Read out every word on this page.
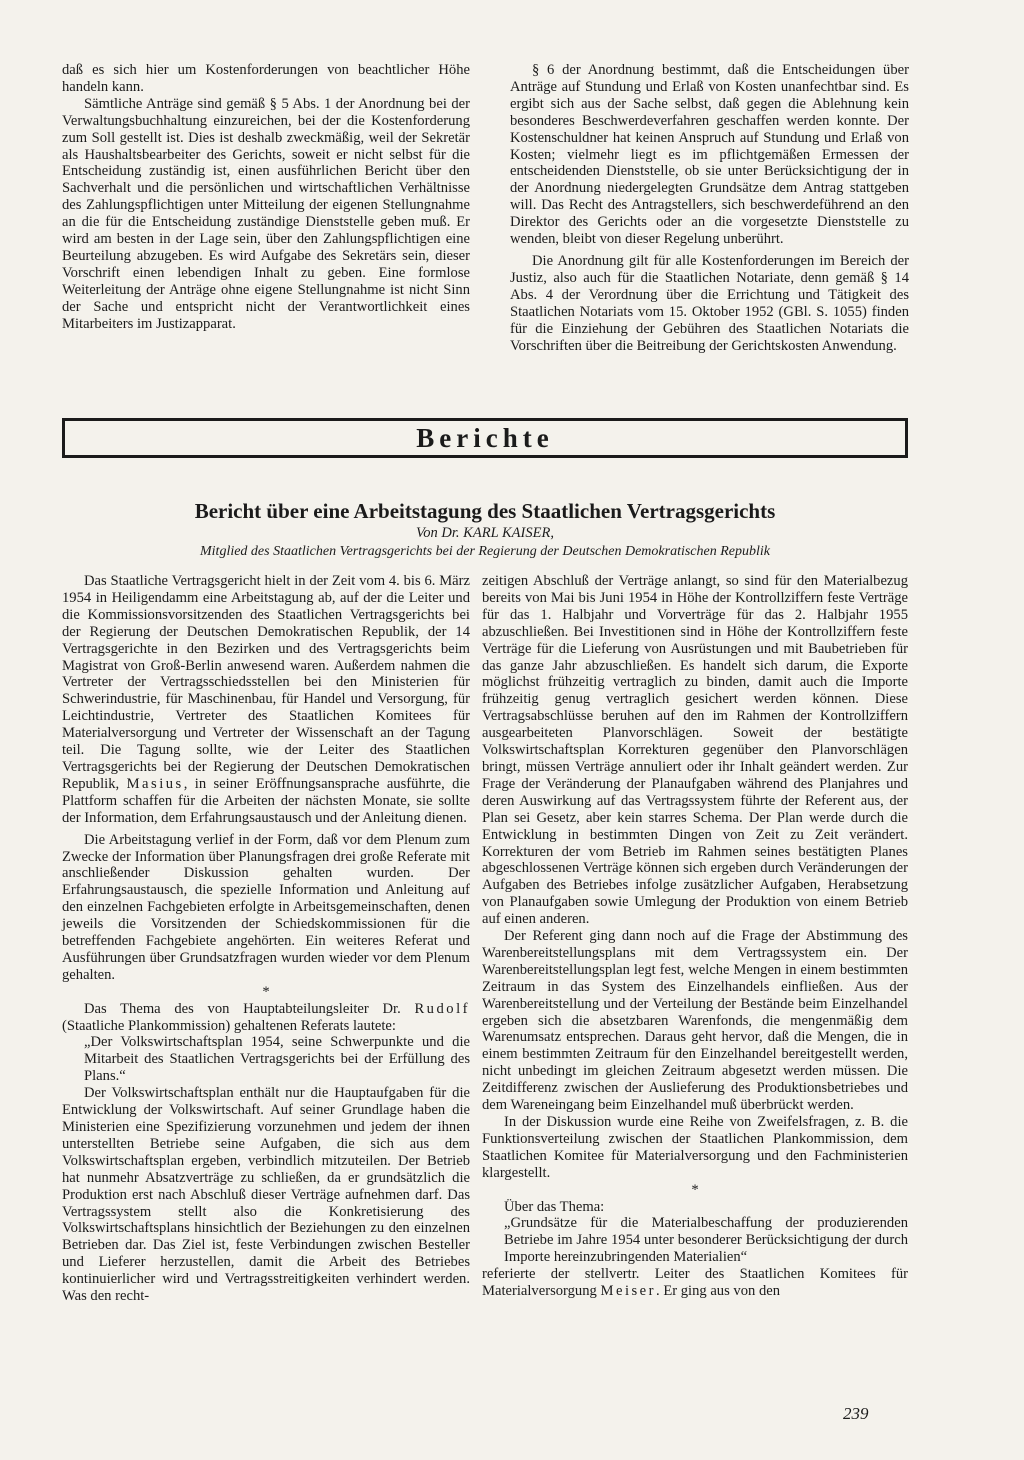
daß es sich hier um Kostenforderungen von beachtlicher Höhe handeln kann.

Sämtliche Anträge sind gemäß § 5 Abs. 1 der Anordnung bei der Verwaltungsbuchhaltung einzureichen, bei der die Kostenforderung zum Soll gestellt ist. Dies ist deshalb zweckmäßig, weil der Sekretär als Haushaltsbearbeiter des Gerichts, soweit er nicht selbst für die Entscheidung zuständig ist, einen ausführlichen Bericht über den Sachverhalt und die persönlichen und wirtschaftlichen Verhältnisse des Zahlungspflichtigen unter Mitteilung der eigenen Stellungnahme an die für die Entscheidung zuständige Dienststelle geben muß. Er wird am besten in der Lage sein, über den Zahlungspflichtigen eine Beurteilung abzugeben. Es wird Aufgabe des Sekretärs sein, dieser Vorschrift einen lebendigen Inhalt zu geben. Eine formlose Weiterleitung der Anträge ohne eigene Stellungnahme ist nicht Sinn der Sache und entspricht nicht der Verantwortlichkeit eines Mitarbeiters im Justizapparat.

§ 6 der Anordnung bestimmt, daß die Entscheidungen über Anträge auf Stundung und Erlaß von Kosten unanfechtbar sind. Es ergibt sich aus der Sache selbst, daß gegen die Ablehnung kein besonderes Beschwerdeverfahren geschaffen werden konnte. Der Kostenschuldner hat keinen Anspruch auf Stundung und Erlaß von Kosten; vielmehr liegt es im pflichtgemäßen Ermessen der entscheidenden Dienststelle, ob sie unter Berücksichtigung der in der Anordnung niedergelegten Grundsätze dem Antrag stattgeben will. Das Recht des Antragstellers, sich beschwerdeführend an den Direktor des Gerichts oder an die vorgesetzte Dienststelle zu wenden, bleibt von dieser Regelung unberührt.

Die Anordnung gilt für alle Kostenforderungen im Bereich der Justiz, also auch für die Staatlichen Notariate, denn gemäß § 14 Abs. 4 der Verordnung über die Errichtung und Tätigkeit des Staatlichen Notariats vom 15. Oktober 1952 (GBl. S. 1055) finden für die Einziehung der Gebühren des Staatlichen Notariats die Vorschriften über die Beitreibung der Gerichtskosten Anwendung.

Berichte
Bericht über eine Arbeitstagung des Staatlichen Vertragsgerichts
Von Dr. KARL KAISER,
Mitglied des Staatlichen Vertragsgerichts bei der Regierung der Deutschen Demokratischen Republik

Das Staatliche Vertragsgericht hielt in der Zeit vom 4. bis 6. März 1954 in Heiligendamm eine Arbeitstagung ab, auf der die Leiter und die Kommissionsvorsitzenden des Staatlichen Vertragsgerichts bei der Regierung der Deutschen Demokratischen Republik, der 14 Vertragsgerichte in den Bezirken und des Vertragsgerichts beim Magistrat von Groß-Berlin anwesend waren. Außerdem nahmen die Vertreter der Vertragsschiedsstellen bei den Ministerien für Schwerindustrie, für Maschinenbau, für Handel und Versorgung, für Leichtindustrie, Vertreter des Staatlichen Komitees für Materialversorgung und Vertreter der Wissenschaft an der Tagung teil. Die Tagung sollte, wie der Leiter des Staatlichen Vertragsgerichts bei der Regierung der Deutschen Demokratischen Republik, Masius, in seiner Eröffnungsansprache ausführte, die Plattform schaffen für die Arbeiten der nächsten Monate, sie sollte der Information, dem Erfahrungsaustausch und der Anleitung dienen.

Die Arbeitstagung verlief in der Form, daß vor dem Plenum zum Zwecke der Information über Planungsfragen drei große Referate mit anschließender Diskussion gehalten wurden. Der Erfahrungsaustausch, die spezielle Information und Anleitung auf den einzelnen Fachgebieten erfolgte in Arbeitsgemeinschaften, denen jeweils die Vorsitzenden der Schiedskommissionen für die betreffenden Fachgebiete angehörten. Ein weiteres Referat und Ausführungen über Grundsatzfragen wurden wieder vor dem Plenum gehalten.

*

Das Thema des von Hauptabteilungsleiter Dr. Rudolf (Staatliche Plankommission) gehaltenen Referats lautete:

„Der Volkswirtschaftsplan 1954, seine Schwerpunkte und die Mitarbeit des Staatlichen Vertragsgerichts bei der Erfüllung des Plans.“

Der Volkswirtschaftsplan enthält nur die Hauptaufgaben für die Entwicklung der Volkswirtschaft. Auf seiner Grundlage haben die Ministerien eine Spezifizierung vorzunehmen und jedem der ihnen unterstellten Betriebe seine Aufgaben, die sich aus dem Volkswirtschaftsplan ergeben, verbindlich mitzuteilen. Der Betrieb hat nunmehr Absatzverträge zu schließen, da er grundsätzlich die Produktion erst nach Abschluß dieser Verträge aufnehmen darf. Das Vertragssystem stellt also die Konkretisierung des Volkswirtschaftsplans hinsichtlich der Beziehungen zu den einzelnen Betrieben dar. Das Ziel ist, feste Verbindungen zwischen Besteller und Lieferer herzustellen, damit die Arbeit des Betriebes kontinuierlicher wird und Vertragsstreitigkeiten verhindert werden. Was den recht-

zeitigen Abschluß der Verträge anlangt, so sind für den Materialbezug bereits von Mai bis Juni 1954 in Höhe der Kontrollziffern feste Verträge für das 1. Halbjahr und Vorverträge für das 2. Halbjahr 1955 abzuschließen. Bei Investitionen sind in Höhe der Kontrollziffern feste Verträge für die Lieferung von Ausrüstungen und mit Baubetrieben für das ganze Jahr abzuschließen. Es handelt sich darum, die Exporte möglichst frühzeitig vertraglich zu binden, damit auch die Importe frühzeitig genug vertraglich gesichert werden können. Diese Vertragsabschlüsse beruhen auf den im Rahmen der Kontrollziffern ausgearbeiteten Planvorschlägen. Soweit der bestätigte Volkswirtschaftsplan Korrekturen gegenüber den Planvorschlägen bringt, müssen Verträge annuliert oder ihr Inhalt geändert werden. Zur Frage der Veränderung der Planaufgaben während des Planjahres und deren Auswirkung auf das Vertragssystem führte der Referent aus, der Plan sei Gesetz, aber kein starres Schema. Der Plan werde durch die Entwicklung in bestimmten Dingen von Zeit zu Zeit verändert. Korrekturen der vom Betrieb im Rahmen seines bestätigten Planes abgeschlossenen Verträge können sich ergeben durch Veränderungen der Aufgaben des Betriebes infolge zusätzlicher Aufgaben, Herabsetzung von Planaufgaben sowie Umlegung der Produktion von einem Betrieb auf einen anderen.

Der Referent ging dann noch auf die Frage der Abstimmung des Warenbereitstellungsplans mit dem Vertragssystem ein. Der Warenbereitstellungsplan legt fest, welche Mengen in einem bestimmten Zeitraum in das System des Einzelhandels einfließen. Aus der Warenbereitstellung und der Verteilung der Bestände beim Einzelhandel ergeben sich die absetzbaren Warenfonds, die mengenmäßig dem Warenumsatz entsprechen. Daraus geht hervor, daß die Mengen, die in einem bestimmten Zeitraum für den Einzelhandel bereitgestellt werden, nicht unbedingt im gleichen Zeitraum abgesetzt werden müssen. Die Zeitdifferenz zwischen der Auslieferung des Produktionsbetriebes und dem Wareneingang beim Einzelhandel muß überbrückt werden.

In der Diskussion wurde eine Reihe von Zweifelsfragen, z. B. die Funktionsverteilung zwischen der Staatlichen Plankommission, dem Staatlichen Komitee für Materialversorgung und den Fachministerien klargestellt.

*

Über das Thema:

„Grundsätze für die Materialbeschaffung der produzierenden Betriebe im Jahre 1954 unter besonderer Berücksichtigung der durch Importe hereinzubringenden Materialien“

referierte der stellvertr. Leiter des Staatlichen Komitees für Materialversorgung Meiser. Er ging aus von den

239
